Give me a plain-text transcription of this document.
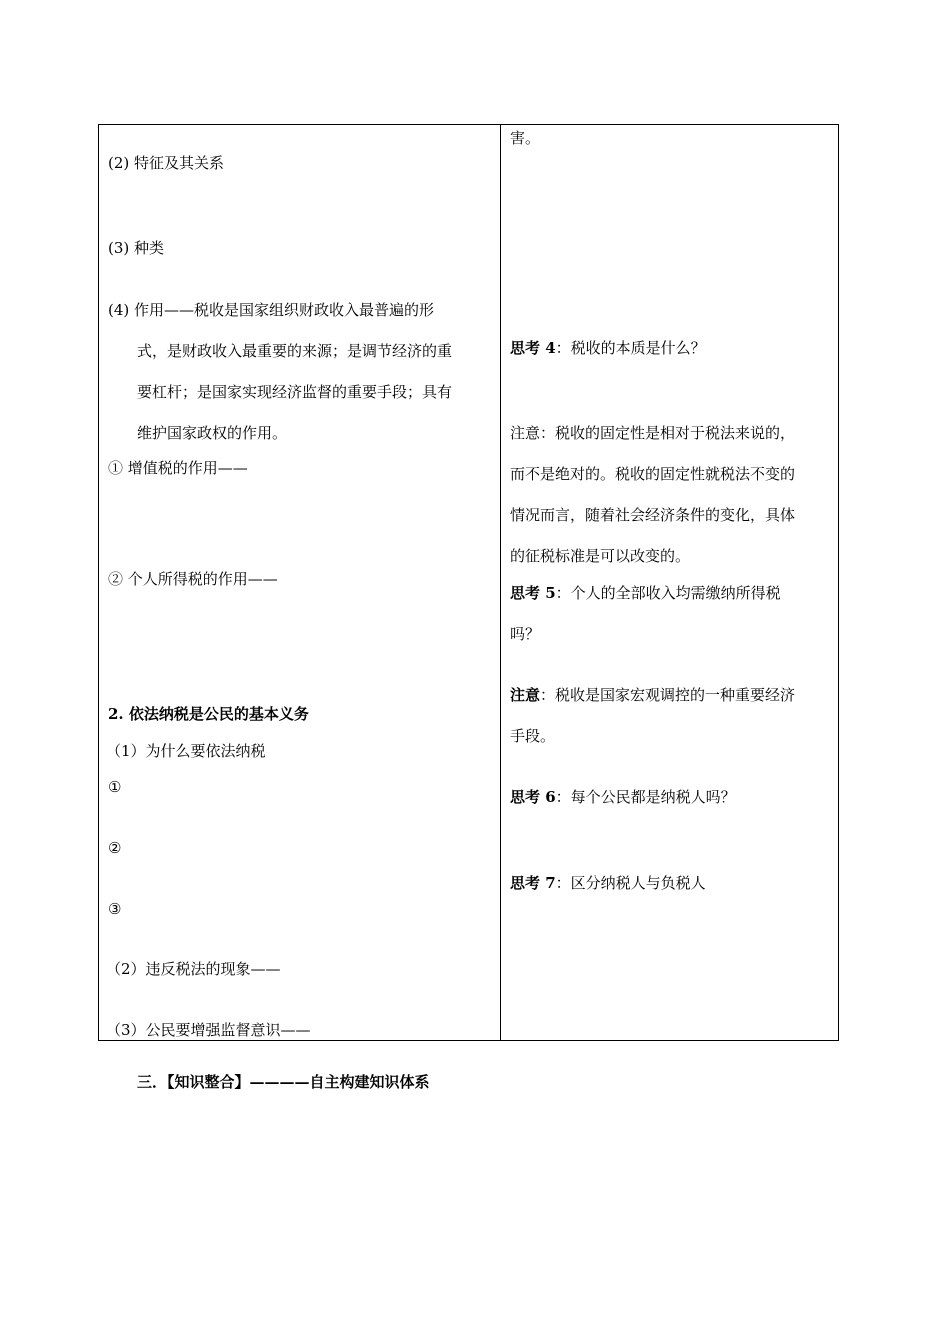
(2) 特征及其关系
(3) 种类
(4) 作用——税收是国家组织财政收入最普遍的形
式，是财政收入最重要的来源；是调节经济的重
要杠杆；是国家实现经济监督的重要手段；具有
维护国家政权的作用。
① 增值税的作用——
② 个人所得税的作用——
2. 依法纳税是公民的基本义务
（1）为什么要依法纳税
①
②
③
（2）违反税法的现象——
（3）公民要增强监督意识——
害。
思考 4：税收的本质是什么？
注意：税收的固定性是相对于税法来说的，
而不是绝对的。税收的固定性就税法不变的
情况而言，随着社会经济条件的变化，具体
的征税标准是可以改变的。
思考 5：个人的全部收入均需缴纳所得税
吗？
注意：税收是国家宏观调控的一种重要经济
手段。
思考 6：每个公民都是纳税人吗？
思考 7：区分纳税人与负税人
三．【知识整合】————自主构建知识体系
